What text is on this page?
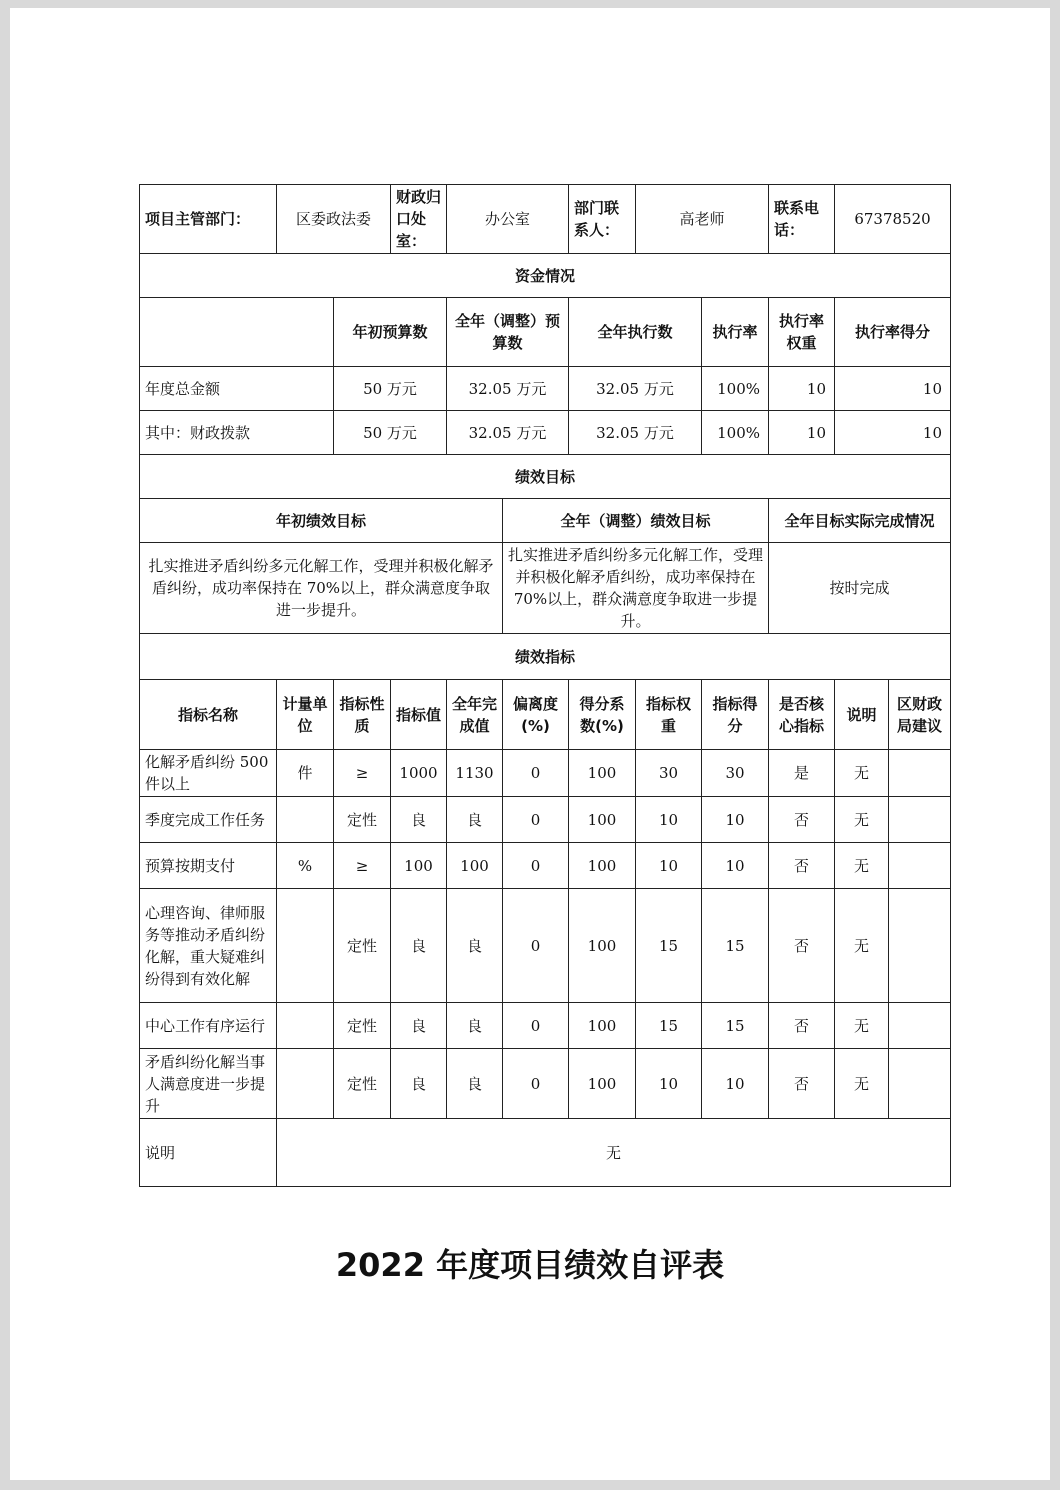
项目主管部门：	区委政法委		财政归口处室：	办公室		部门联系人：	高老师		联系电话：	67378520	
资金情况											
		年初预算数		全年（调整）预算数		全年执行数		执行率	执行率权重	执行率得分	
年度总金额		50 万元		32.05 万元		32.05 万元		100%	10	10	
其中：财政拨款		50 万元		32.05 万元		32.05 万元		100%	10	10	
绩效目标											
年初绩效目标					全年（调整）绩效目标				全年目标实际完成情况		
扎实推进矛盾纠纷多元化解工作，受理并积极化解矛盾纠纷，成功率保持在 70%以上，群众满意度争取进一步提升。					扎实推进矛盾纠纷多元化解工作，受理并积极化解矛盾纠纷，成功率保持在 70%以上，群众满意度争取进一步提升。				按时完成		
绩效指标											
指标名称	计量单位	指标性质	指标值	全年完成值	偏离度(%)	得分系数(%)	指标权重	指标得分	是否核心指标	说明	区财政局建议
化解矛盾纠纷 500 件以上	件	≥	1000	1130	0	100	30	30	是	无	
季度完成工作任务		定性	良	良	0	100	10	10	否	无	
预算按期支付	%	≥	100	100	0	100	10	10	否	无	
心理咨询、律师服务等推动矛盾纠纷化解，重大疑难纠纷得到有效化解		定性	良	良	0	100	15	15	否	无	
中心工作有序运行		定性	良	良	0	100	15	15	否	无	
矛盾纠纷化解当事人满意度进一步提升		定性	良	良	0	100	10	10	否	无	
说明	无										
2022 年度项目绩效自评表
